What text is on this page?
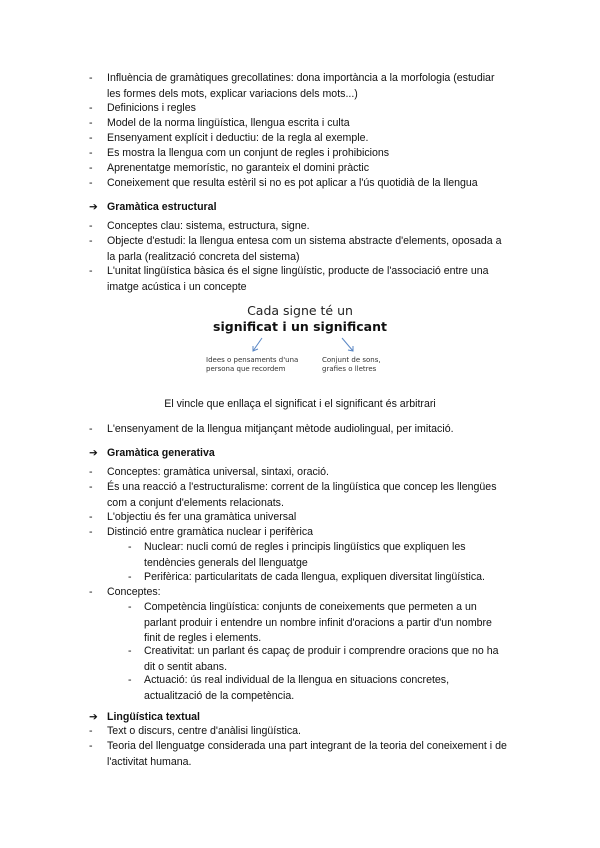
- Influència de gramàtiques grecollatines: dona importància a la morfologia (estudiar les formes dels mots, explicar variacions dels mots...)
- Definicions i regles
- Model de la norma lingüística, llengua escrita i culta
- Ensenyament explícit i deductiu: de la regla al exemple.
- Es mostra la llengua com un conjunt de regles i prohibicions
- Aprenentatge memorístic, no garanteix el domini pràctic
- Coneixement que resulta estèril si no es pot aplicar a l'ús quotidià de la llengua
➔ Gramàtica estructural
- Conceptes clau: sistema, estructura, signe.
- Objecte d'estudi: la llengua entesa com un sistema abstracte d'elements, oposada a la parla (realització concreta del sistema)
- L'unitat lingüística bàsica és el signe lingüístic, producte de l'associació entre una imatge acústica i un concepte
Cada signe té un
significat i un significant
Idees o pensaments d'una persona que recordem
Conjunt de sons, grafies o lletres
El vincle que enllaça el significat i el significant és arbitrari
- L'ensenyament de la llengua mitjançant mètode audiolingual, per imitació.
➔ Gramàtica generativa
- Conceptes: gramàtica universal, sintaxi, oració.
- És una reacció a l'estructuralisme: corrent de la lingüística que concep les llengües com a conjunt d'elements relacionats.
- L'objectiu és fer una gramàtica universal
- Distinció entre gramàtica nuclear i perifèrica
- Nuclear: nucli comú de regles i principis lingüístics que expliquen les tendències generals del llenguatge
- Perifèrica: particularitats de cada llengua, expliquen diversitat lingüística.
- Conceptes:
- Competència lingüística: conjunts de coneixements que permeten a un parlant produir i entendre un nombre infinit d'oracions a partir d'un nombre finit de regles i elements.
- Creativitat: un parlant és capaç de produir i comprendre oracions que no ha dit o sentit abans.
- Actuació: ús real individual de la llengua en situacions concretes, actualització de la competència.
➔ Lingüística textual
- Text o discurs, centre d'anàlisi lingüística.
- Teoria del llenguatge considerada una part integrant de la teoria del coneixement i de l'activitat humana.
